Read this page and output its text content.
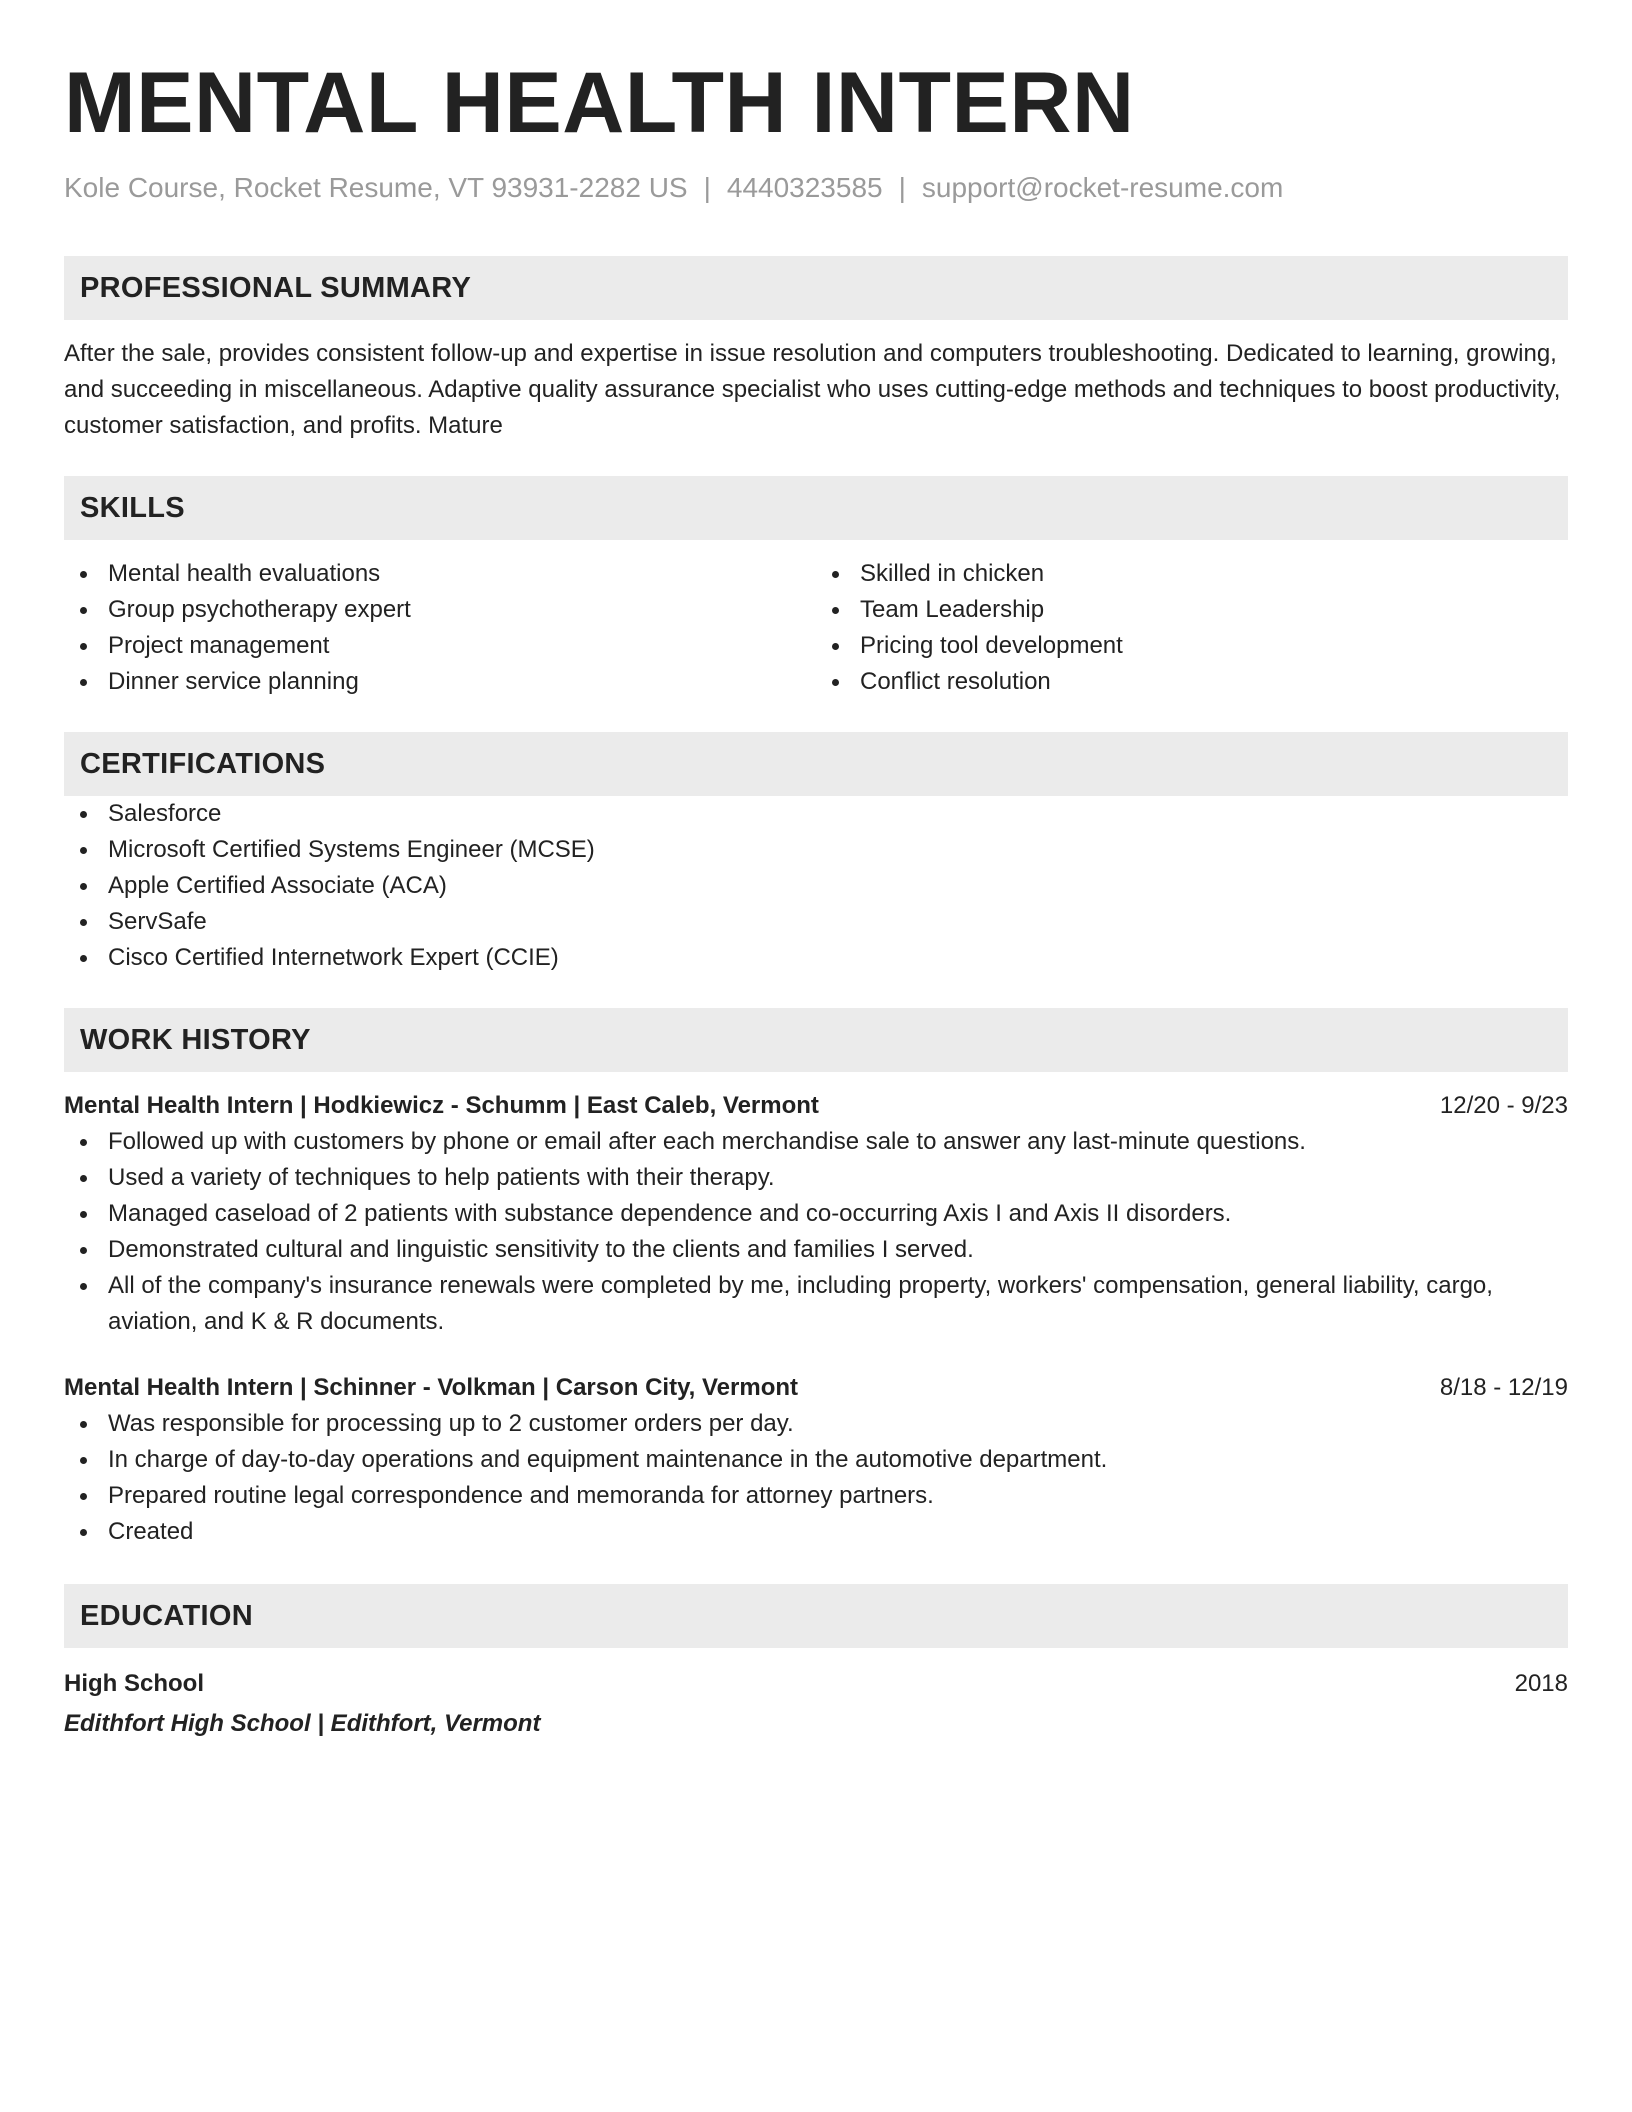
MENTAL HEALTH INTERN
Kole Course, Rocket Resume, VT 93931-2282 US | 4440323585 | support@rocket-resume.com
PROFESSIONAL SUMMARY

After the sale, provides consistent follow-up and expertise in issue resolution and computers troubleshooting. Dedicated to learning, growing, and succeeding in miscellaneous. Adaptive quality assurance specialist who uses cutting-edge methods and techniques to boost productivity, customer satisfaction, and profits. Mature

SKILLS
Mental health evaluations
Group psychotherapy expert
Project management
Dinner service planning
Skilled in chicken
Team Leadership
Pricing tool development
Conflict resolution
CERTIFICATIONS
Salesforce
Microsoft Certified Systems Engineer (MCSE)
Apple Certified Associate (ACA)
ServSafe
Cisco Certified Internetwork Expert (CCIE)
WORK HISTORY
Mental Health Intern | Hodkiewicz - Schumm | East Caleb, Vermont	12/20 - 9/23
Followed up with customers by phone or email after each merchandise sale to answer any last-minute questions.
Used a variety of techniques to help patients with their therapy.
Managed caseload of 2 patients with substance dependence and co-occurring Axis I and Axis II disorders.
Demonstrated cultural and linguistic sensitivity to the clients and families I served.
All of the company's insurance renewals were completed by me, including property, workers' compensation, general liability, cargo, aviation, and K & R documents.
Mental Health Intern | Schinner - Volkman | Carson City, Vermont	8/18 - 12/19
Was responsible for processing up to 2 customer orders per day.
In charge of day-to-day operations and equipment maintenance in the automotive department.
Prepared routine legal correspondence and memoranda for attorney partners.
Created
EDUCATION
High School	2018
Edithfort High School | Edithfort, Vermont
